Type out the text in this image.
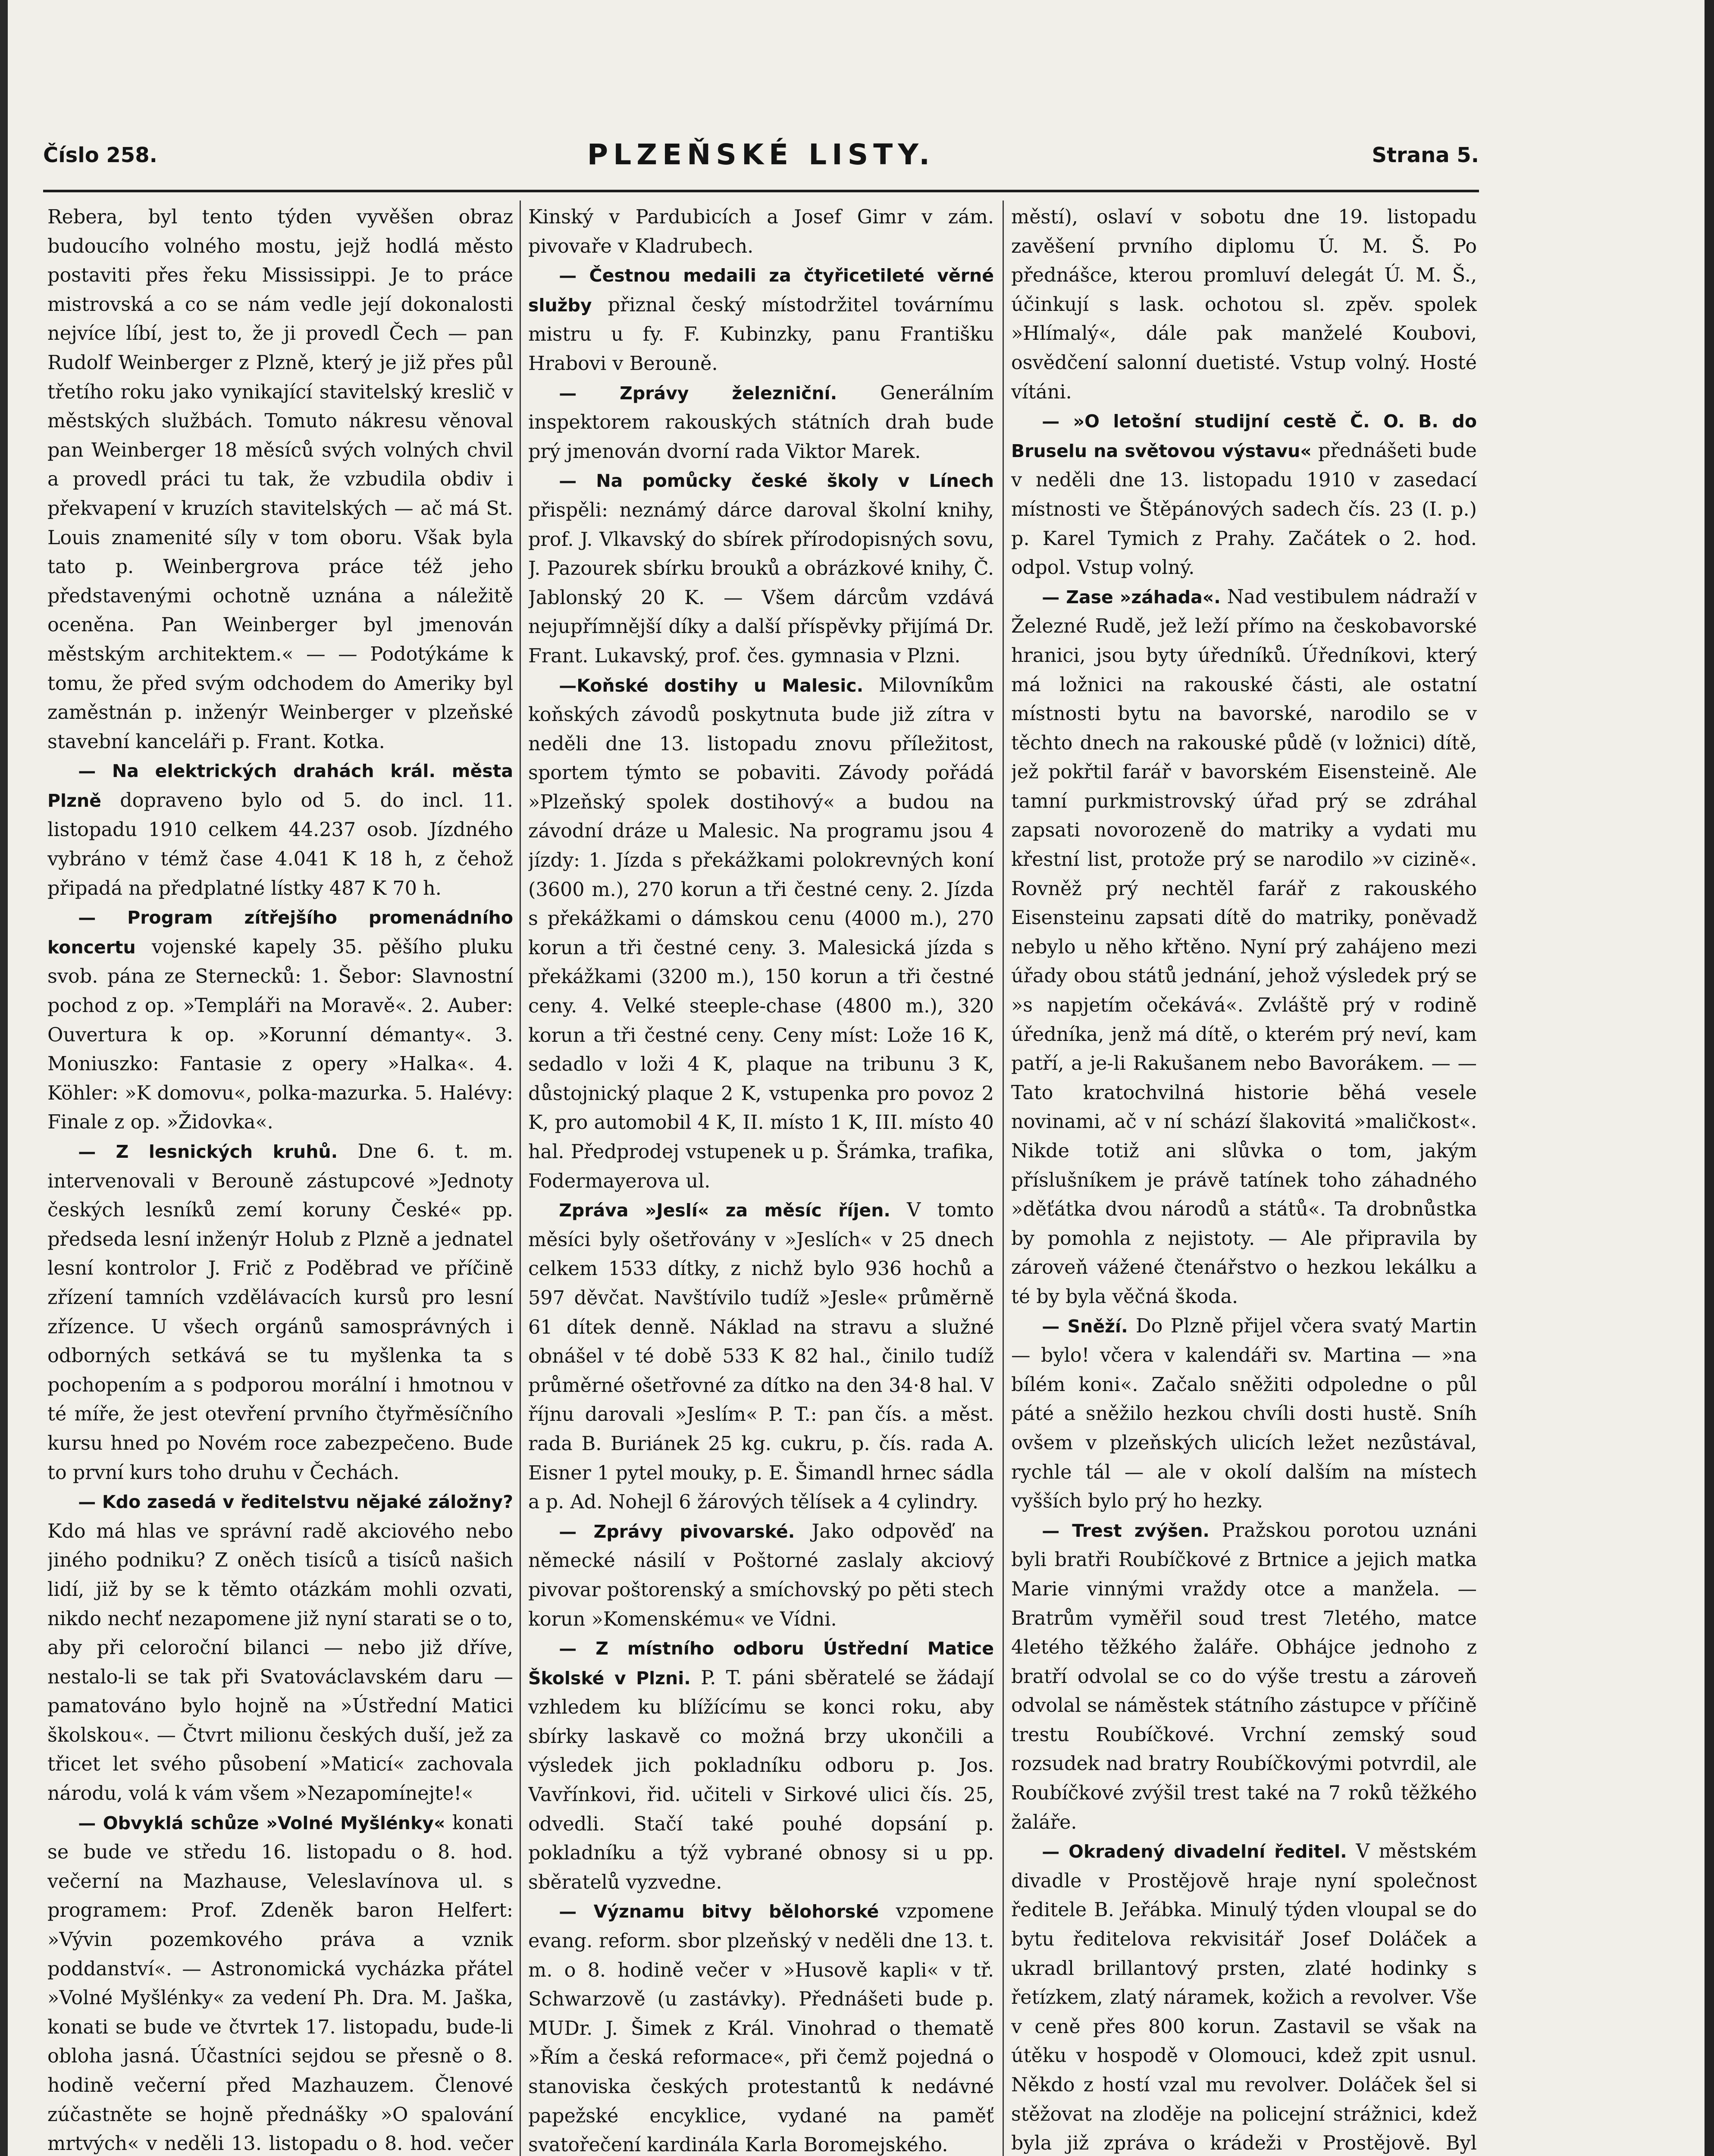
Číslo 258.	PLZEŇSKÉ LISTY.	Strana 5.

Rebera, byl tento týden vyvěšen obraz budoucího volného mostu, jejž hodlá město postaviti přes řeku Mississippi. Je to práce mistrovská a co se nám vedle její dokonalosti nejvíce líbí, jest to, že ji provedl Čech — pan Rudolf Weinberger z Plzně, který je již přes půl třetího roku jako vynikající stavitelský kreslič v městských službách. Tomuto nákresu věnoval pan Weinberger 18 měsíců svých volných chvil a provedl práci tu tak, že vzbudila obdiv i překvapení v kruzích stavitelských — ač má St. Louis znamenité síly v tom oboru. Však byla tato p. Weinbergrova práce též jeho představenými ochotně uznána a náležitě oceněna. Pan Weinberger byl jmenován městským architektem.« — — Podotýkáme k tomu, že před svým odchodem do Ameriky byl zaměstnán p. inženýr Weinberger v plzeňské stavební kanceláři p. Frant. Kotka.

— Na elektrických drahách král. města Plzně dopraveno bylo od 5. do incl. 11. listopadu 1910 celkem 44.237 osob. Jízdného vybráno v témž čase 4.041 K 18 h, z čehož připadá na předplatné lístky 487 K 70 h.

— Program zítřejšího promenádního koncertu vojenské kapely 35. pěšího pluku svob. pána ze Sternecků: 1. Šebor: Slavnostní pochod z op. »Templáři na Moravě«. 2. Auber: Ouvertura k op. »Korunní démanty«. 3. Moniuszko: Fantasie z opery »Halka«. 4. Köhler: »K domovu«, polka-mazurka. 5. Halévy: Finale z op. »Židovka«.

— Z lesnických kruhů. Dne 6. t. m. intervenovali v Berouně zástupcové »Jednoty českých lesníků zemí koruny České« pp. předseda lesní inženýr Holub z Plzně a jednatel lesní kontrolor J. Frič z Poděbrad ve příčině zřízení tamních vzdělávacích kursů pro lesní zřízence. U všech orgánů samosprávných i odborných setkává se tu myšlenka ta s pochopením a s podporou morální i hmotnou v té míře, že jest otevření prvního čtyřměsíčního kursu hned po Novém roce zabezpečeno. Bude to první kurs toho druhu v Čechách.

— Kdo zasedá v ředitelstvu nějaké záložny? Kdo má hlas ve správní radě akciového nebo jiného podniku? Z oněch tisíců a tisíců našich lidí, již by se k těmto otázkám mohli ozvati, nikdo nechť nezapomene již nyní starati se o to, aby při celoroční bilanci — nebo již dříve, nestalo-li se tak při Svatováclavském daru — pamatováno bylo hojně na »Ústřední Matici školskou«. — Čtvrt milionu českých duší, jež za třicet let svého působení »Maticí« zachovala národu, volá k vám všem »Nezapomínejte!«

— Obvyklá schůze »Volné Myšlénky« konati se bude ve středu 16. listopadu o 8. hod. večerní na Mazhause, Veleslavínova ul. s programem: Prof. Zdeněk baron Helfert: »Vývin pozemkového práva a vznik poddanství«. — Astronomická vycházka přátel »Volné Myšlénky« za vedení Ph. Dra. M. Jaška, konati se bude ve čtvrtek 17. listopadu, bude-li obloha jasná. Účastníci sejdou se přesně o 8. hodině večerní před Mazhauzem. Členové zúčastněte se hojně přednášky »O spalování mrtvých« v neděli 13. listopadu o 8. hod. večer

Kinský v Pardubicích a Josef Gimr v zám. pivovaře v Kladrubech.

— Čestnou medaili za čtyřicetileté věrné služby přiznal český místodržitel továrnímu mistru u fy. F. Kubinzky, panu Františku Hrabovi v Berouně.

— Zprávy železniční. Generálním inspektorem rakouských státních drah bude prý jmenován dvorní rada Viktor Marek.

— Na pomůcky české školy v Línech přispěli: neznámý dárce daroval školní knihy, prof. J. Vlkavský do sbírek přírodopisných sovu, J. Pazourek sbírku brouků a obrázkové knihy, Č. Jablonský 20 K. — Všem dárcům vzdává nejupřímnější díky a další příspěvky přijímá Dr. Frant. Lukavský, prof. čes. gymnasia v Plzni.

—Koňské dostihy u Malesic. Milovníkům koňských závodů poskytnuta bude již zítra v neděli dne 13. listopadu znovu příležitost, sportem týmto se pobaviti. Závody pořádá »Plzeňský spolek dostihový« a budou na závodní dráze u Malesic. Na programu jsou 4 jízdy: 1. Jízda s překážkami polokrevných koní (3600 m.), 270 korun a tři čestné ceny. 2. Jízda s překážkami o dámskou cenu (4000 m.), 270 korun a tři čestné ceny. 3. Malesická jízda s překážkami (3200 m.), 150 korun a tři čestné ceny. 4. Velké steeple-chase (4800 m.), 320 korun a tři čestné ceny. Ceny míst: Lože 16 K, sedadlo v loži 4 K, plaque na tribunu 3 K, důstojnický plaque 2 K, vstupenka pro povoz 2 K, pro automobil 4 K, II. místo 1 K, III. místo 40 hal. Předprodej vstupenek u p. Šrámka, trafika, Fodermayerova ul.

Zpráva »Jeslí« za měsíc říjen. V tomto měsíci byly ošetřovány v »Jeslích« v 25 dnech celkem 1533 dítky, z nichž bylo 936 hochů a 597 děvčat. Navštívilo tudíž »Jesle« průměrně 61 dítek denně. Náklad na stravu a služné obnášel v té době 533 K 82 hal., činilo tudíž průměrné ošetřovné za dítko na den 34·8 hal. V říjnu darovali »Jeslím« P. T.: pan čís. a měst. rada B. Buriánek 25 kg. cukru, p. čís. rada A. Eisner 1 pytel mouky, p. E. Šimandl hrnec sádla a p. Ad. Nohejl 6 žárových tělísek a 4 cylindry.

— Zprávy pivovarské. Jako odpověď na německé násilí v Poštorné zaslaly akciový pivovar poštorenský a smíchovský po pěti stech korun »Komenskému« ve Vídni.

— Z místního odboru Ústřední Matice Školské v Plzni. P. T. páni sběratelé se žádají vzhledem ku blížícímu se konci roku, aby sbírky laskavě co možná brzy ukončili a výsledek jich pokladníku odboru p. Jos. Vavřínkovi, řid. učiteli v Sirkové ulici čís. 25, odvedli. Stačí také pouhé dopsání p. pokladníku a týž vybrané obnosy si u pp. sběratelů vyzvedne.

— Významu bitvy bělohorské vzpomene evang. reform. sbor plzeňský v neděli dne 13. t. m. o 8. hodině večer v »Husově kapli« v tř. Schwarzově (u zastávky). Přednášeti bude p. MUDr. J. Šimek z Král. Vinohrad o thematě »Řím a česká reformace«, při čemž pojedná o stanoviska českých protestantů k nedávné papežské encyklice, vydané na paměť svatořečení kardinála Karla Boromejského.

městí), oslaví v sobotu dne 19. listopadu zavěšení prvního diplomu Ú. M. Š. Po přednášce, kterou promluví delegát Ú. M. Š., účinkují s lask. ochotou sl. zpěv. spolek »Hlímalý«, dále pak manželé Koubovi, osvědčení salonní duetisté. Vstup volný. Hosté vítáni.

— »O letošní studijní cestě Č. O. B. do Bruselu na světovou výstavu« přednášeti bude v neděli dne 13. listopadu 1910 v zasedací místnosti ve Štěpánových sadech čís. 23 (I. p.) p. Karel Tymich z Prahy. Začátek o 2. hod. odpol. Vstup volný.

— Zase »záhada«. Nad vestibulem nádraží v Železné Rudě, jež leží přímo na českobavorské hranici, jsou byty úředníků. Úředníkovi, který má ložnici na rakouské části, ale ostatní místnosti bytu na bavorské, narodilo se v těchto dnech na rakouské půdě (v ložnici) dítě, jež pokřtil farář v bavorském Eisensteině. Ale tamní purkmistrovský úřad prý se zdráhal zapsati novorozeně do matriky a vydati mu křestní list, protože prý se narodilo »v cizině«. Rovněž prý nechtěl farář z rakouského Eisensteinu zapsati dítě do matriky, poněvadž nebylo u něho křtěno. Nyní prý zahájeno mezi úřady obou států jednání, jehož výsledek prý se »s napjetím očekává«. Zvláště prý v rodině úředníka, jenž má dítě, o kterém prý neví, kam patří, a je-li Rakušanem nebo Bavorákem. — — Tato kratochvilná historie běhá vesele novinami, ač v ní schází šlakovitá »maličkost«. Nikde totiž ani slůvka o tom, jakým příslušníkem je právě tatínek toho záhadného »děťátka dvou národů a států«. Ta drobnůstka by pomohla z nejistoty. — Ale připravila by zároveň vážené čtenářstvo o hezkou lekálku a té by byla věčná škoda.

— Sněží. Do Plzně přijel včera svatý Martin — bylo! včera v kalendáři sv. Martina — »na bílém koni«. Začalo sněžiti odpoledne o půl páté a sněžilo hezkou chvíli dosti hustě. Sníh ovšem v plzeňských ulicích ležet nezůstával, rychle tál — ale v okolí dalším na místech vyšších bylo prý ho hezky.

— Trest zvýšen. Pražskou porotou uznáni byli bratři Roubíčkové z Brtnice a jejich matka Marie vinnými vraždy otce a manžela. — Bratrům vyměřil soud trest 7letého, matce 4letého těžkého žaláře. Obhájce jednoho z bratří odvolal se co do výše trestu a zároveň odvolal se náměstek státního zástupce v příčině trestu Roubíčkové. Vrchní zemský soud rozsudek nad bratry Roubíčkovými potvrdil, ale Roubíčkové zvýšil trest také na 7 roků těžkého žaláře.

— Okradený divadelní ředitel. V městském divadle v Prostějově hraje nyní společnost ředitele B. Jeřábka. Minulý týden vloupal se do bytu ředitelova rekvisitář Josef Doláček a ukradl brillantový prsten, zlaté hodinky s řetízkem, zlatý náramek, kožich a revolver. Vše v ceně přes 800 korun. Zastavil se však na útěku v hospodě v Olomouci, kdež zpit usnul. Někdo z hostí vzal mu revolver. Doláček šel si stěžovat na zloděje na policejní strážnici, kdež byla již zpráva o krádeži v Prostějově. Byl
